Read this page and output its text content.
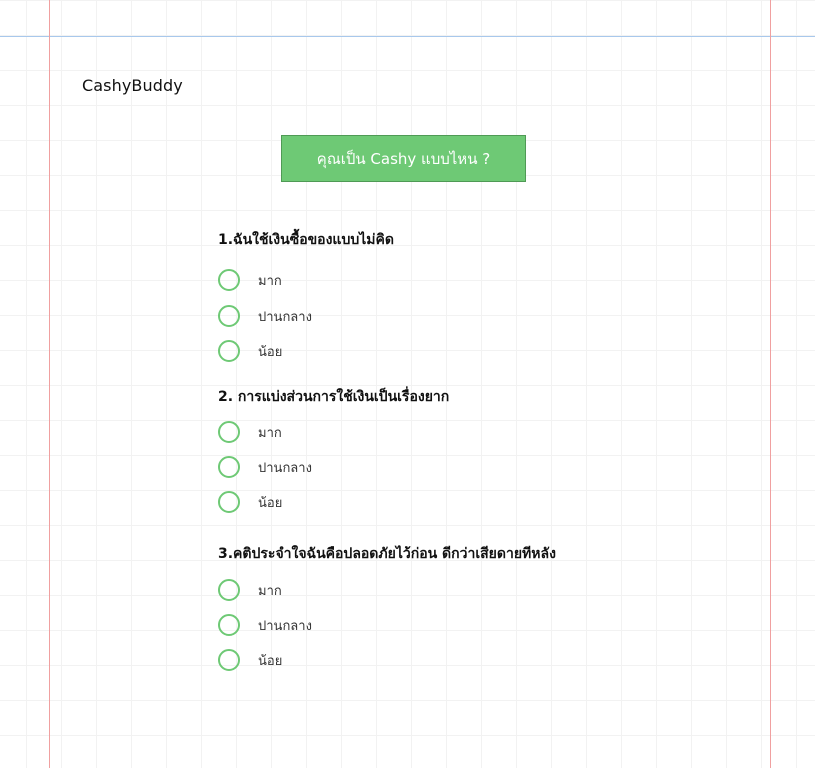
CashyBuddy
คุณเป็น Cashy แบบไหน ?
1.ฉันใช้เงินซื้อของแบบไม่คิด
มาก
ปานกลาง
น้อย
2. การแบ่งส่วนการใช้เงินเป็นเรื่องยาก
มาก
ปานกลาง
น้อย
3.คติประจำใจฉันคือปลอดภัยไว้ก่อน ดีกว่าเสียดายทีหลัง
มาก
ปานกลาง
น้อย
